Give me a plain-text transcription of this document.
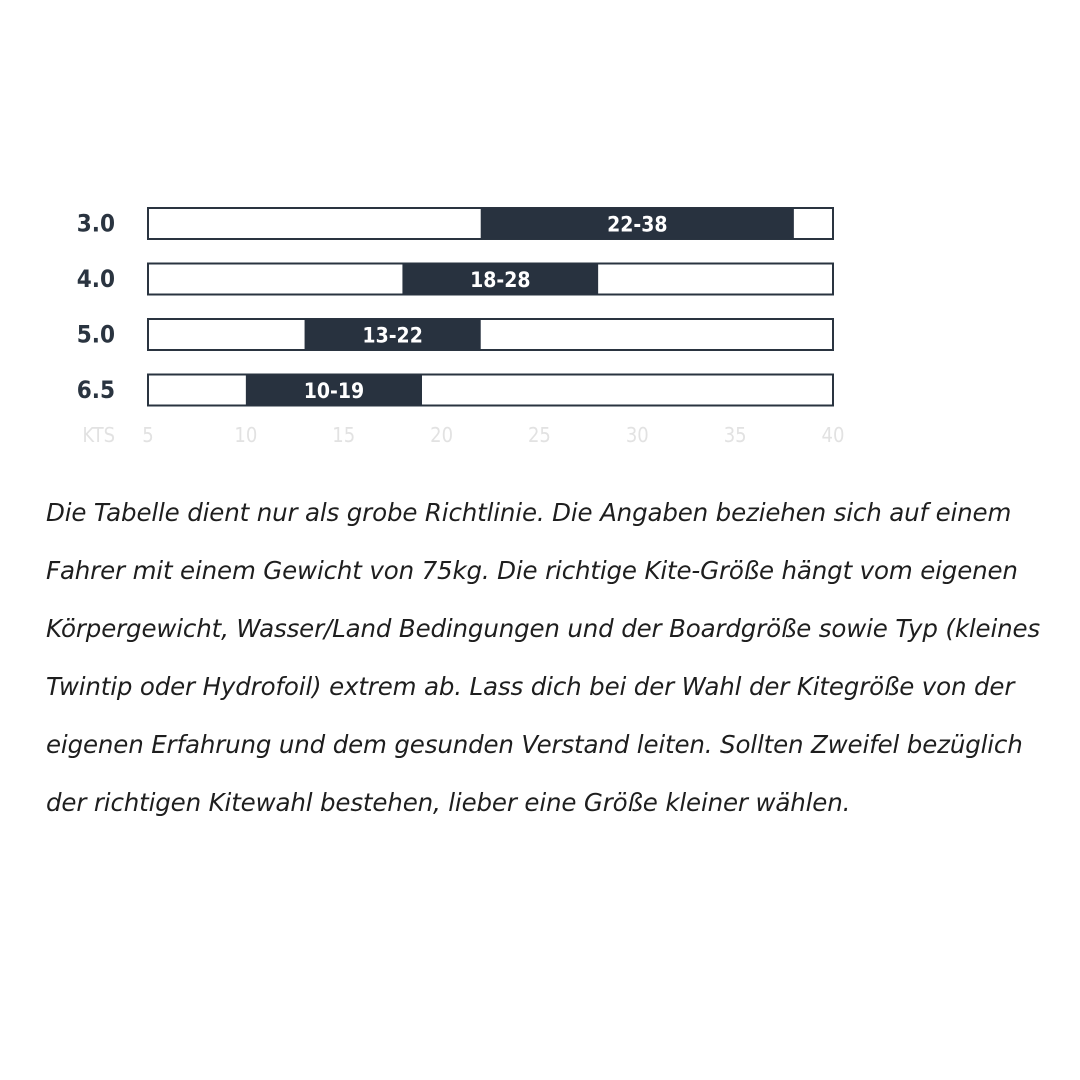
3.0	22-38
4.0	18-28
5.0	13-22
6.5	10-19
KTS 5	10	15	20	25	30	35	40

Die Tabelle dient nur als grobe Richtlinie. Die Angaben beziehen sich auf einem Fahrer mit einem Gewicht von 75kg. Die richtige Kite-Größe hängt vom eigenen Körpergewicht, Wasser/Land Bedingungen und der Boardgröße sowie Typ (kleines Twintip oder Hydrofoil) extrem ab. Lass dich bei der Wahl der Kitegröße von der eigenen Erfahrung und dem gesunden Verstand leiten. Sollten Zweifel bezüglich der richtigen Kitewahl bestehen, lieber eine Größe kleiner wählen.
